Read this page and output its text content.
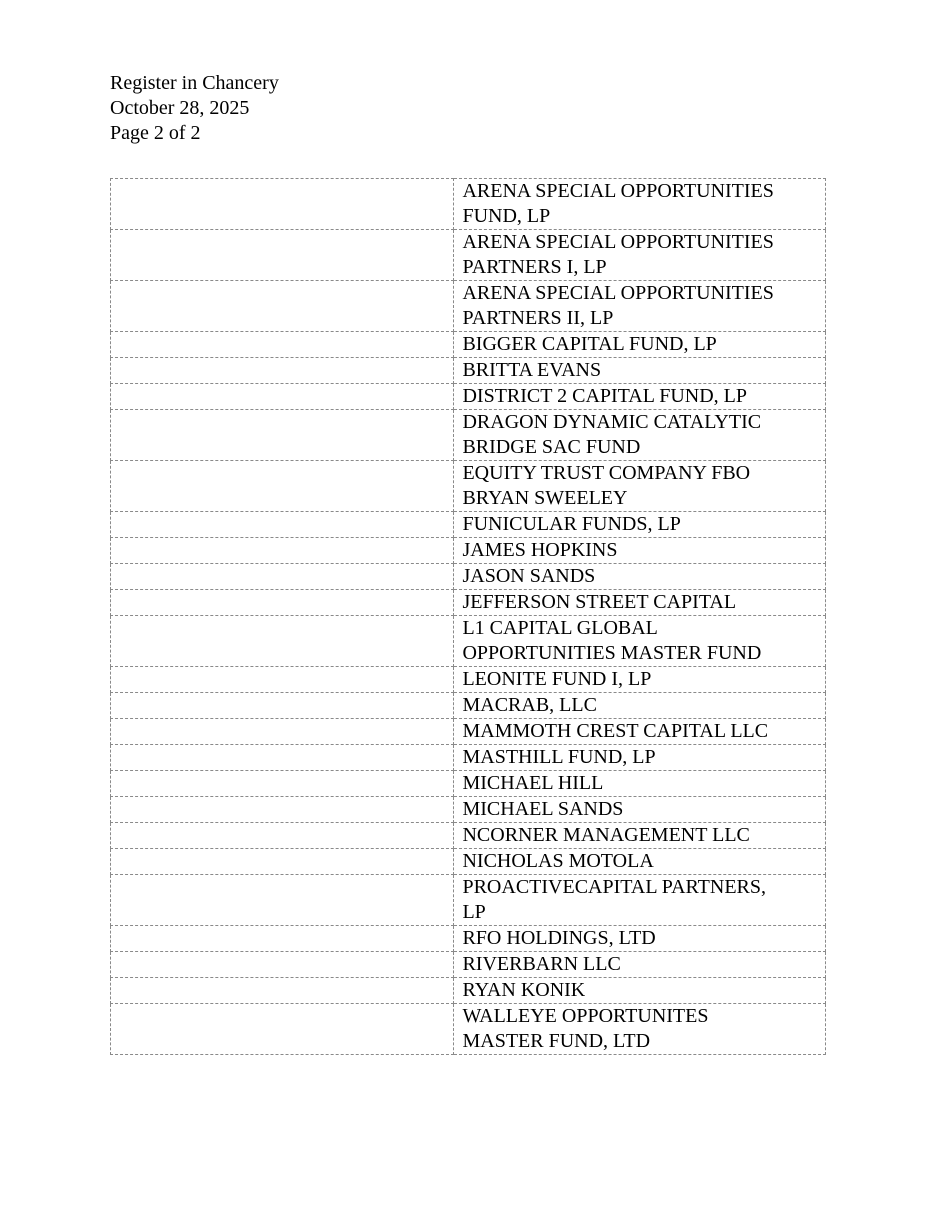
Register in Chancery
October 28, 2025
Page 2 of 2

	ARENA SPECIAL OPPORTUNITIES
FUND, LP

	ARENA SPECIAL OPPORTUNITIES
PARTNERS I, LP

	ARENA SPECIAL OPPORTUNITIES
PARTNERS II, LP

	BIGGER CAPITAL FUND, LP
	BRITTA EVANS
	DISTRICT 2 CAPITAL FUND, LP

	DRAGON DYNAMIC CATALYTIC
BRIDGE SAC FUND

	EQUITY TRUST COMPANY FBO
BRYAN SWEELEY

	FUNICULAR FUNDS, LP
	JAMES HOPKINS
	JASON SANDS
	JEFFERSON STREET CAPITAL

	L1 CAPITAL GLOBAL
OPPORTUNITIES MASTER FUND

	LEONITE FUND I, LP
	MACRAB, LLC
	MAMMOTH CREST CAPITAL LLC
	MASTHILL FUND, LP
	MICHAEL HILL
	MICHAEL SANDS
	NCORNER MANAGEMENT LLC
	NICHOLAS MOTOLA

	PROACTIVECAPITAL PARTNERS,
LP

	RFO HOLDINGS, LTD
	RIVERBARN LLC
	RYAN KONIK

	WALLEYE OPPORTUNITES
MASTER FUND, LTD
